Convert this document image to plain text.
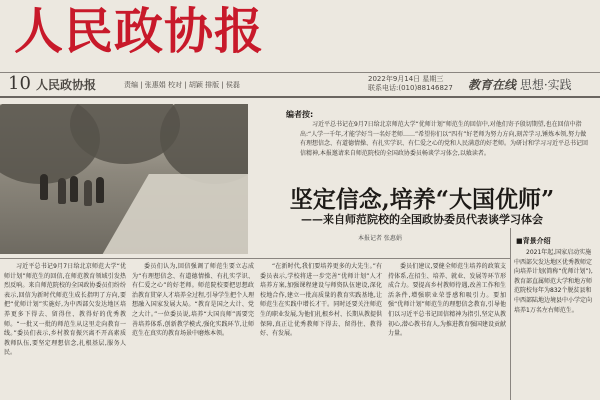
人民政协报
10 人民政协报	责编 | 张惠娟 校对 | 胡颖 排版 | 侯磊
2022年9月14日 星期三
联系电话:(010)88146827 教育在线 思想·实践
编者按:
习近平总书记在9月7日给北京师范大学“优师计划”师范生的回信中,对他们寄予殷切期望,也在回信中指出:“人学一千年,才能学好当一名好老师……”希望你们以“四有”好老师为努力方向,刻苦学习,锤炼本领,努力做有理想信念、有道德情操、有扎实学识、有仁爱之心的党和人民满意的好老师。为研讨和学习习近平总书记回信精神,本报邀请来自师范院校的全国政协委员畅谈学习体会,以飨读者。
坚定信念,培养“大国优师”
——来自师范院校的全国政协委员代表谈学习体会
本报记者 张惠娟
习近平总书记9月7日给北京师范大学“优师计划”师范生的回信,在师范教育领域引发热烈反响。来自师范院校的全国政协委员们纷纷表示,回信为新时代师范生成长指明了方向,要把“优师计划”实施好,为中西部欠发达地区培养更多下得去、留得住、教得好的优秀教师。“一批又一批的师范生从这里走向教育一线。”委员们表示,乡村教育振兴离不开高素质教师队伍,要坚定理想信念,扎根基层,服务人民。
委员们认为,回信强调了师范生要立志成为“有理想信念、有道德情操、有扎实学识、有仁爱之心”的好老师。师范院校要把思想政治教育贯穿人才培养全过程,引导学生把个人理想融入国家发展大局。“教育是国之大计、党之大计。”一位委员说,培养“大国良师”需要完善培养体系,创新教学模式,强化实践环节,让师范生在真实的教育场景中磨炼本领。
“在新时代,我们要培养更多的大先生。”有委员表示,学校将进一步完善“优师计划”人才培养方案,加强课程建设与师资队伍建设,深化校地合作,建立一批高质量的教育实践基地,让师范生在实践中增长才干。同时还要关注师范生的职业发展,为他们扎根乡村、长期从教提供保障,真正让优秀教师下得去、留得住、教得好、有发展。
委员们建议,要健全师范生培养的政策支持体系,在招生、培养、就业、发展等环节形成合力。要提高乡村教师待遇,改善工作和生活条件,增强职业荣誉感和吸引力。要加强“优师计划”师范生的理想信念教育,引导他们以习近平总书记回信精神为指引,坚定从教初心,潜心教书育人,为推进教育强国建设贡献力量。
■背景介绍
2021年起,国家启动实施中西部欠发达地区优秀教师定向培养计划(简称“优师计划”),教育部直属师范大学和地方师范院校每年为832个脱贫县和中西部陆地边境县中小学定向培养1万名左右师范生。
